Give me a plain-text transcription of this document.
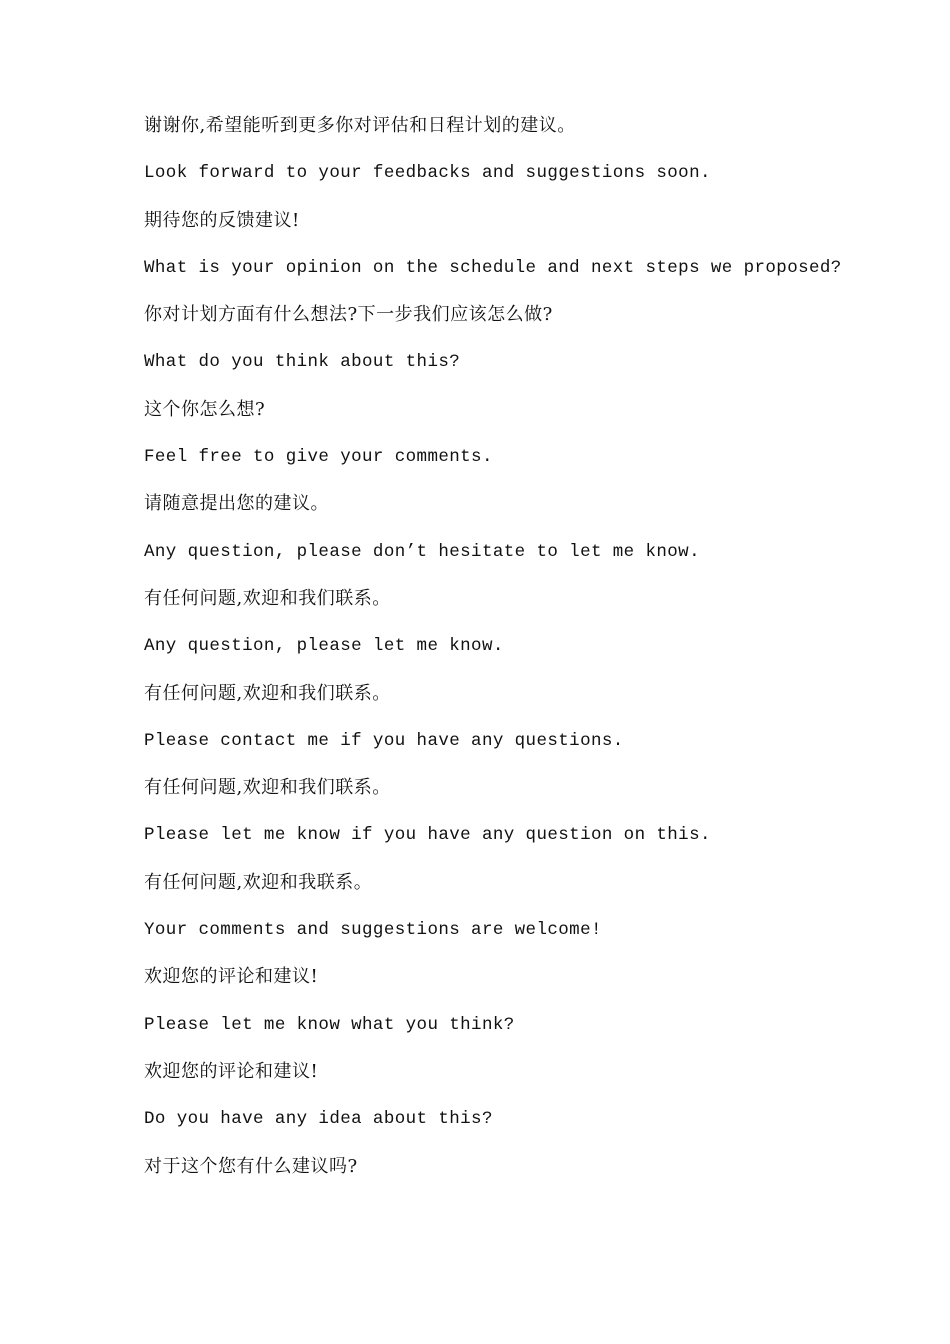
谢谢你,希望能听到更多你对评估和日程计划的建议。
Look forward to your feedbacks and suggestions soon.
期待您的反馈建议!
What is your opinion on the schedule and next steps we proposed?
你对计划方面有什么想法?下一步我们应该怎么做?
What do you think about this?
这个你怎么想?
Feel free to give your comments.
请随意提出您的建议。
Any question, please don’t hesitate to let me know.
有任何问题,欢迎和我们联系。
Any question, please let me know.
有任何问题,欢迎和我们联系。
Please contact me if you have any questions.
有任何问题,欢迎和我们联系。
Please let me know if you have any question on this.
有任何问题,欢迎和我联系。
Your comments and suggestions are welcome!
欢迎您的评论和建议!
Please let me know what you think?
欢迎您的评论和建议!
Do you have any idea about this?
对于这个您有什么建议吗?
